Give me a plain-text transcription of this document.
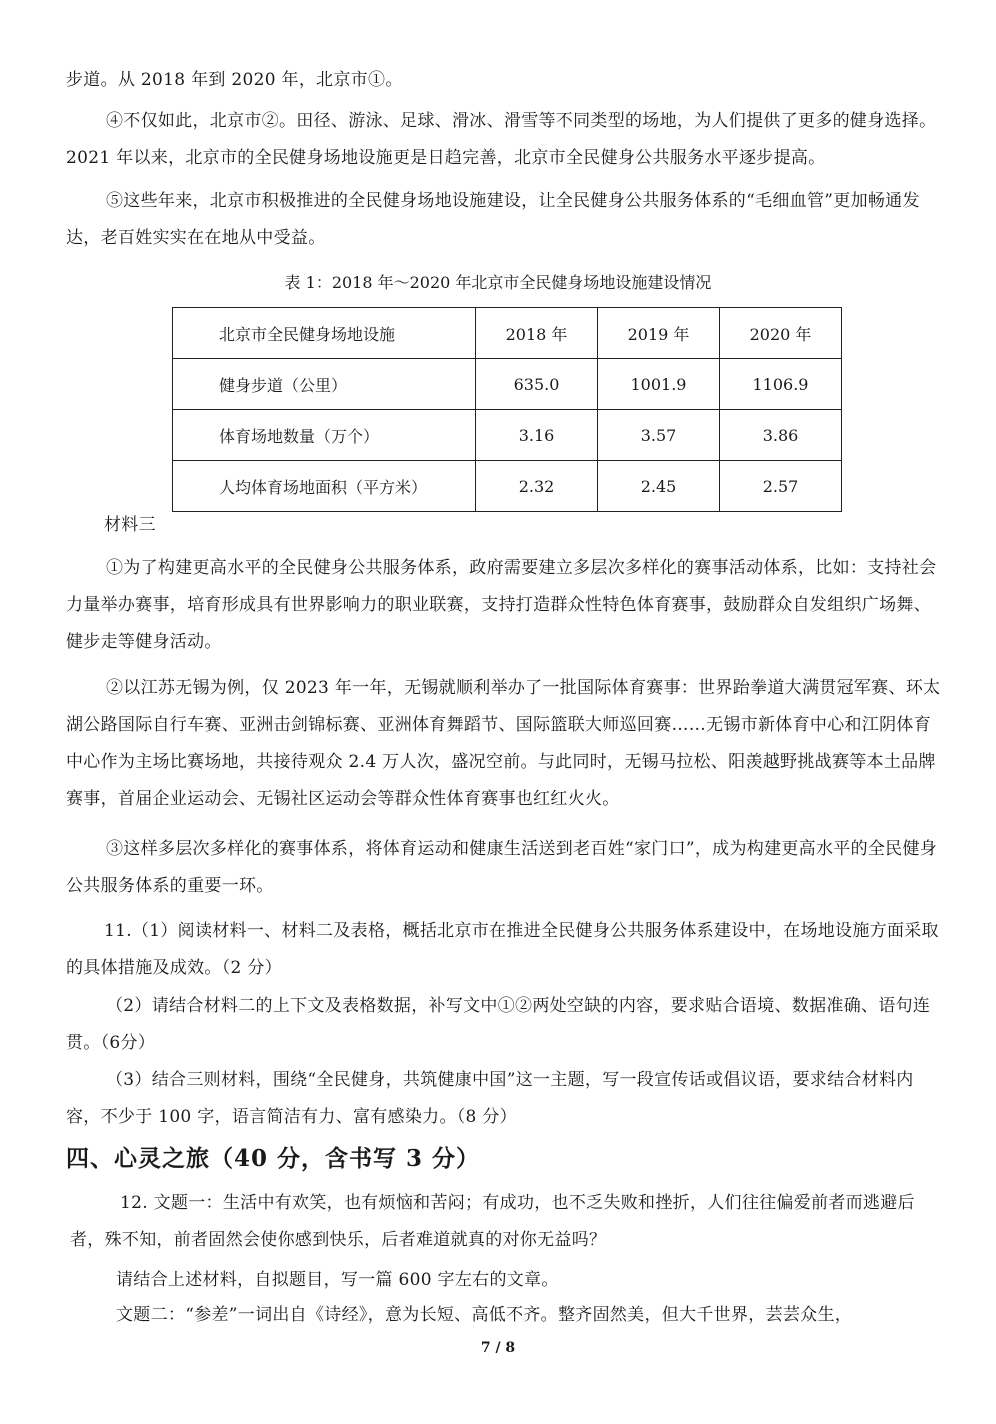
步道。从 2018 年到 2020 年，北京市①。
④不仅如此，北京市②。田径、游泳、足球、滑冰、滑雪等不同类型的场地，为人们提供了更多的健身选择。2021 年以来，北京市的全民健身场地设施更是日趋完善，北京市全民健身公共服务水平逐步提高。
⑤这些年来，北京市积极推进的全民健身场地设施建设，让全民健身公共服务体系的“毛细血管”更加畅通发达，老百姓实实在在地从中受益。
表 1：2018 年～2020 年北京市全民健身场地设施建设情况
北京市全民健身场地设施	2018 年	2019 年	2020 年
健身步道（公里）	635.0	1001.9	1106.9
体育场地数量（万个）	3.16	3.57	3.86
人均体育场地面积（平方米）	2.32	2.45	2.57
材料三
①为了构建更高水平的全民健身公共服务体系，政府需要建立多层次多样化的赛事活动体系，比如：支持社会力量举办赛事，培育形成具有世界影响力的职业联赛，支持打造群众性特色体育赛事，鼓励群众自发组织广场舞、健步走等健身活动。
②以江苏无锡为例，仅 2023 年一年，无锡就顺利举办了一批国际体育赛事：世界跆拳道大满贯冠军赛、环太湖公路国际自行车赛、亚洲击剑锦标赛、亚洲体育舞蹈节、国际篮联大师巡回赛……无锡市新体育中心和江阴体育中心作为主场比赛场地，共接待观众 2.4 万人次，盛况空前。与此同时，无锡马拉松、阳羡越野挑战赛等本土品牌赛事，首届企业运动会、无锡社区运动会等群众性体育赛事也红红火火。
③这样多层次多样化的赛事体系，将体育运动和健康生活送到老百姓“家门口”，成为构建更高水平的全民健身公共服务体系的重要一环。
11.（1）阅读材料一、材料二及表格，概括北京市在推进全民健身公共服务体系建设中，在场地设施方面采取的具体措施及成效。（2 分）
（2）请结合材料二的上下文及表格数据，补写文中①②两处空缺的内容，要求贴合语境、数据准确、语句连贯。（6分）
（3）结合三则材料，围绕“全民健身，共筑健康中国”这一主题，写一段宣传话或倡议语，要求结合材料内容，不少于 100 字，语言简洁有力、富有感染力。（8 分）
四、心灵之旅（40 分，含书写 3 分）
12. 文题一：生活中有欢笑，也有烦恼和苦闷；有成功，也不乏失败和挫折，人们往往偏爱前者而逃避后者，殊不知，前者固然会使你感到快乐，后者难道就真的对你无益吗？
请结合上述材料，自拟题目，写一篇 600 字左右的文章。
文题二：“参差”一词出自《诗经》，意为长短、高低不齐。整齐固然美，但大千世界，芸芸众生，
7 / 8
